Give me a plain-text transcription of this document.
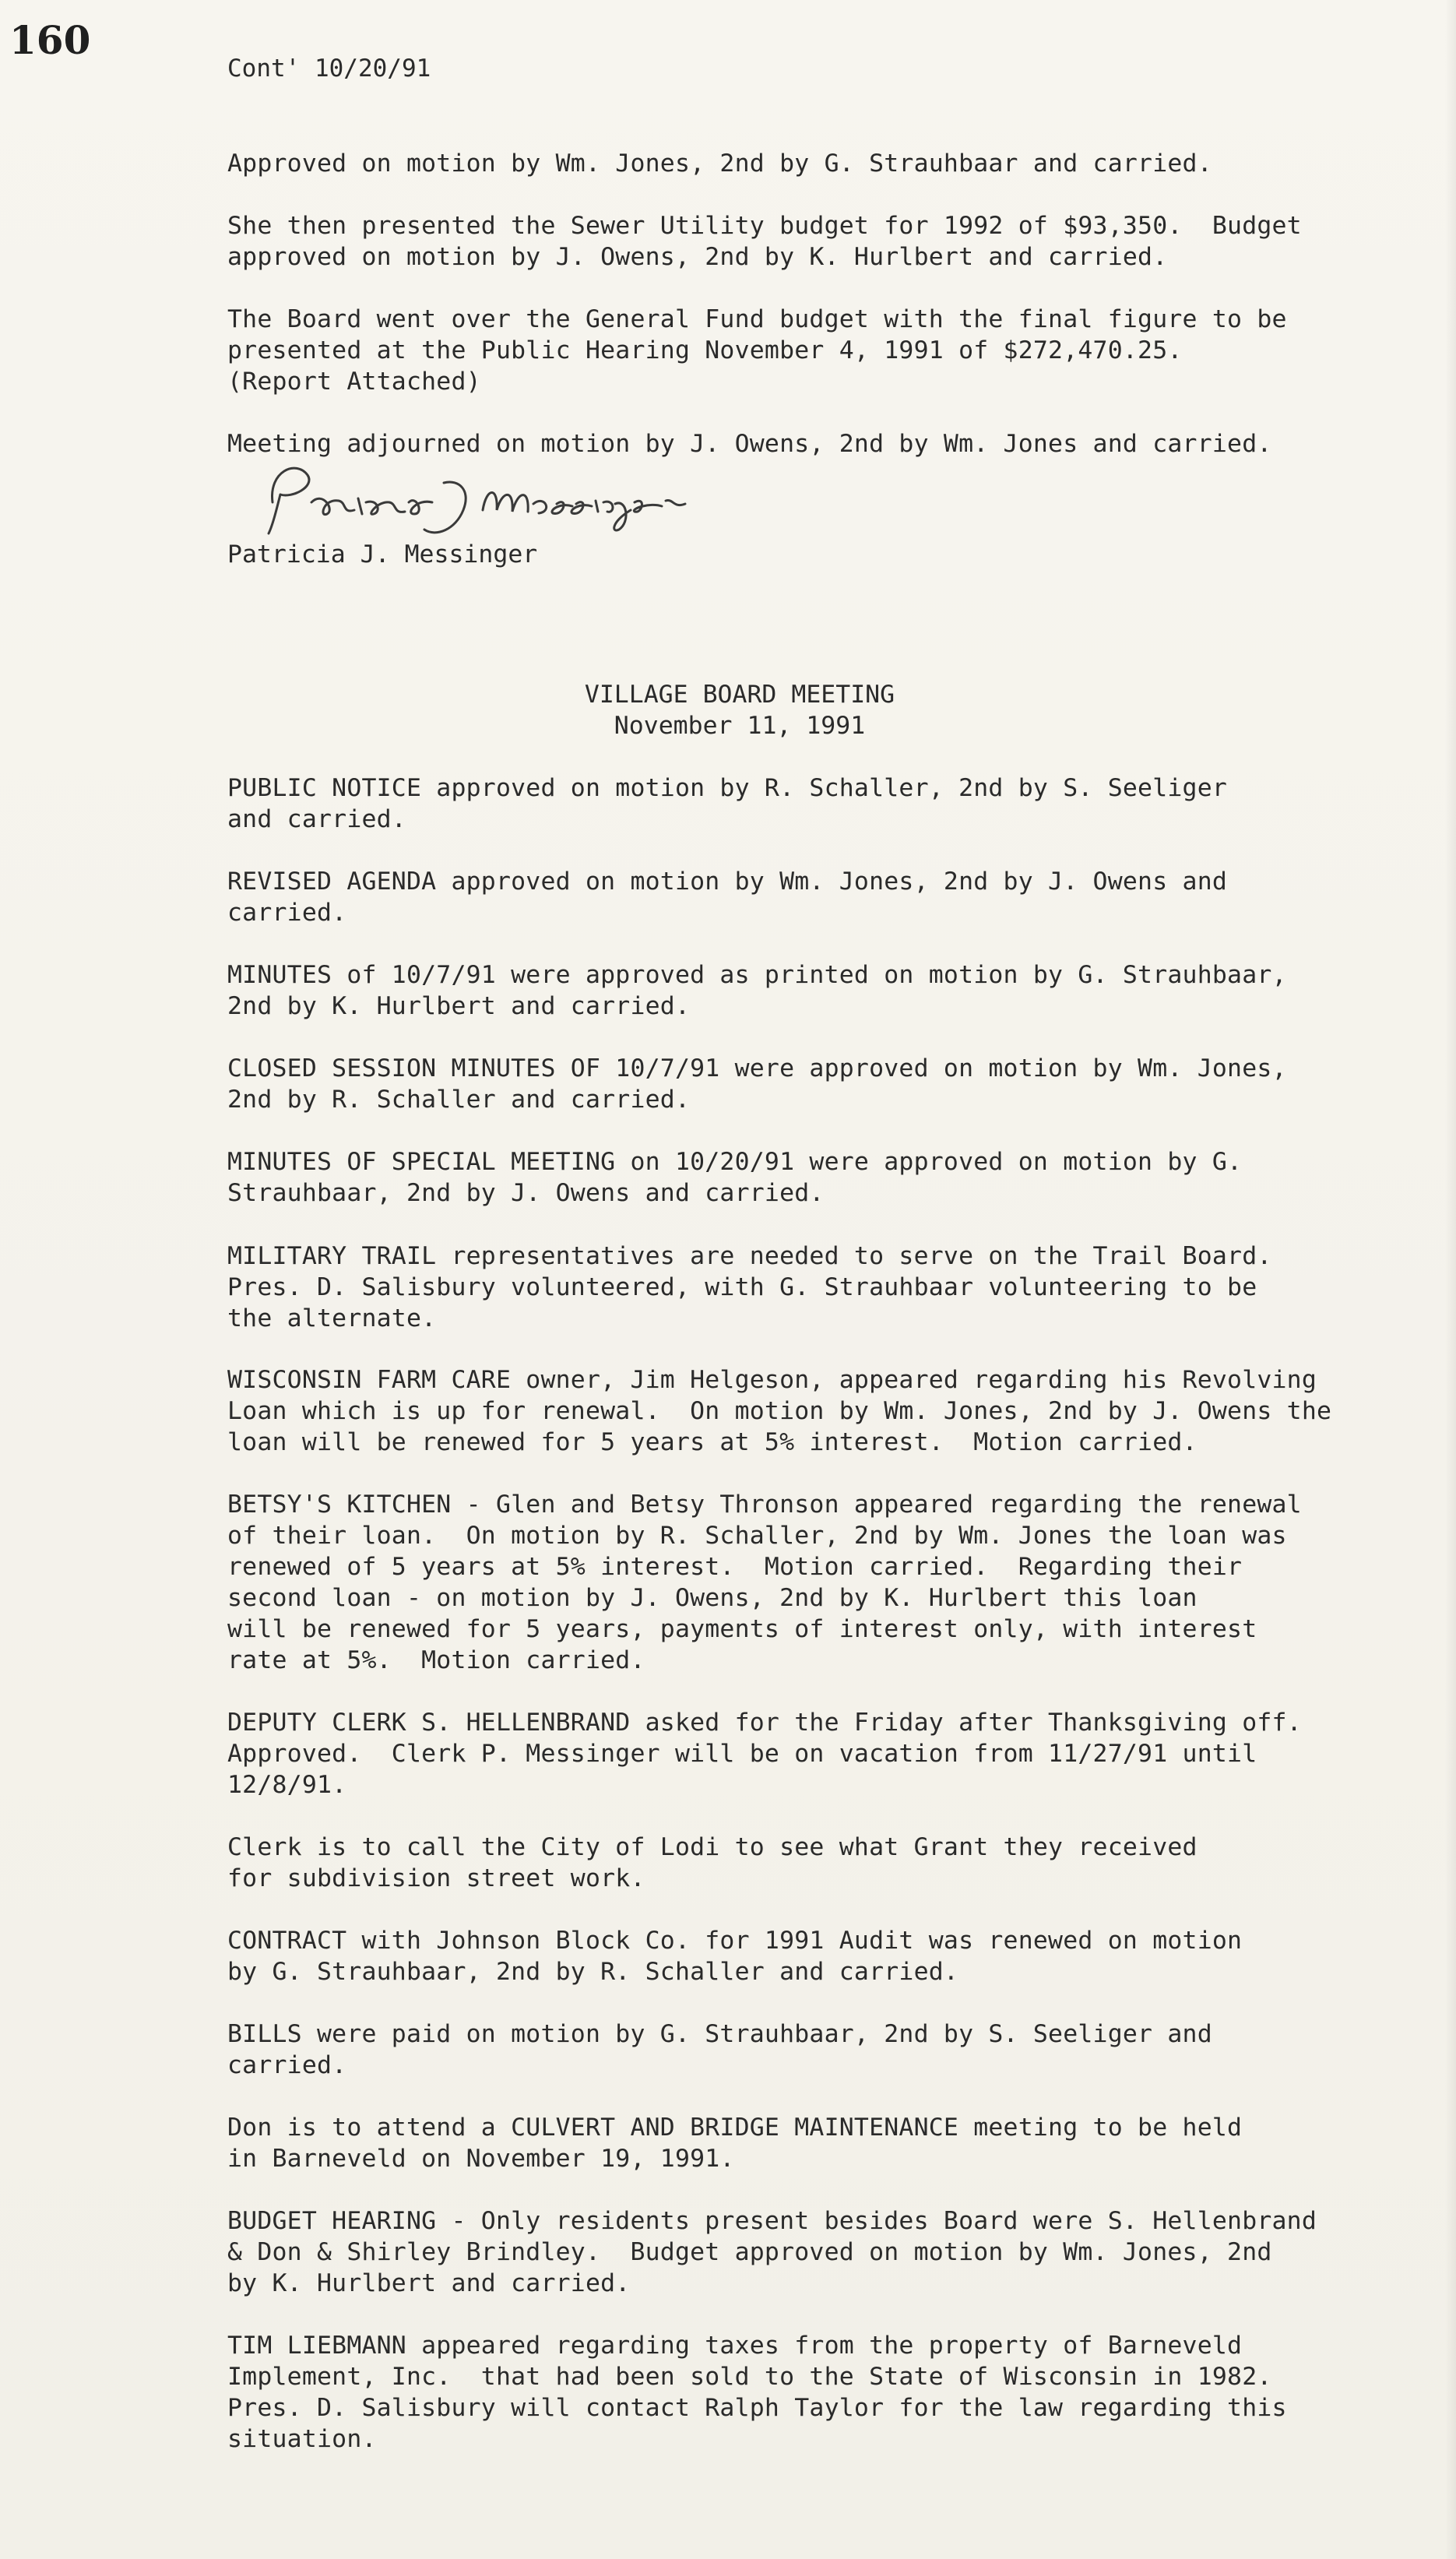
160
Cont' 10/20/91
Approved on motion by Wm. Jones, 2nd by G. Strauhbaar and carried.
She then presented the Sewer Utility budget for 1992 of $93,350.  Budget
approved on motion by J. Owens, 2nd by K. Hurlbert and carried.
The Board went over the General Fund budget with the final figure to be
presented at the Public Hearing November 4, 1991 of $272,470.25.
(Report Attached)
Meeting adjourned on motion by J. Owens, 2nd by Wm. Jones and carried.
Patricia J. Messinger
VILLAGE BOARD MEETING
November 11, 1991
PUBLIC NOTICE approved on motion by R. Schaller, 2nd by S. Seeliger
and carried.
REVISED AGENDA approved on motion by Wm. Jones, 2nd by J. Owens and
carried.
MINUTES of 10/7/91 were approved as printed on motion by G. Strauhbaar,
2nd by K. Hurlbert and carried.
CLOSED SESSION MINUTES OF 10/7/91 were approved on motion by Wm. Jones,
2nd by R. Schaller and carried.
MINUTES OF SPECIAL MEETING on 10/20/91 were approved on motion by G.
Strauhbaar, 2nd by J. Owens and carried.
MILITARY TRAIL representatives are needed to serve on the Trail Board.
Pres. D. Salisbury volunteered, with G. Strauhbaar volunteering to be
the alternate.
WISCONSIN FARM CARE owner, Jim Helgeson, appeared regarding his Revolving
Loan which is up for renewal.  On motion by Wm. Jones, 2nd by J. Owens the
loan will be renewed for 5 years at 5% interest.  Motion carried.
BETSY'S KITCHEN - Glen and Betsy Thronson appeared regarding the renewal
of their loan.  On motion by R. Schaller, 2nd by Wm. Jones the loan was
renewed of 5 years at 5% interest.  Motion carried.  Regarding their
second loan - on motion by J. Owens, 2nd by K. Hurlbert this loan
will be renewed for 5 years, payments of interest only, with interest
rate at 5%.  Motion carried.
DEPUTY CLERK S. HELLENBRAND asked for the Friday after Thanksgiving off.
Approved.  Clerk P. Messinger will be on vacation from 11/27/91 until
12/8/91.
Clerk is to call the City of Lodi to see what Grant they received
for subdivision street work.
CONTRACT with Johnson Block Co. for 1991 Audit was renewed on motion
by G. Strauhbaar, 2nd by R. Schaller and carried.
BILLS were paid on motion by G. Strauhbaar, 2nd by S. Seeliger and
carried.
Don is to attend a CULVERT AND BRIDGE MAINTENANCE meeting to be held
in Barneveld on November 19, 1991.
BUDGET HEARING - Only residents present besides Board were S. Hellenbrand
& Don & Shirley Brindley.  Budget approved on motion by Wm. Jones, 2nd
by K. Hurlbert and carried.
TIM LIEBMANN appeared regarding taxes from the property of Barneveld
Implement, Inc.  that had been sold to the State of Wisconsin in 1982.
Pres. D. Salisbury will contact Ralph Taylor for the law regarding this
situation.
